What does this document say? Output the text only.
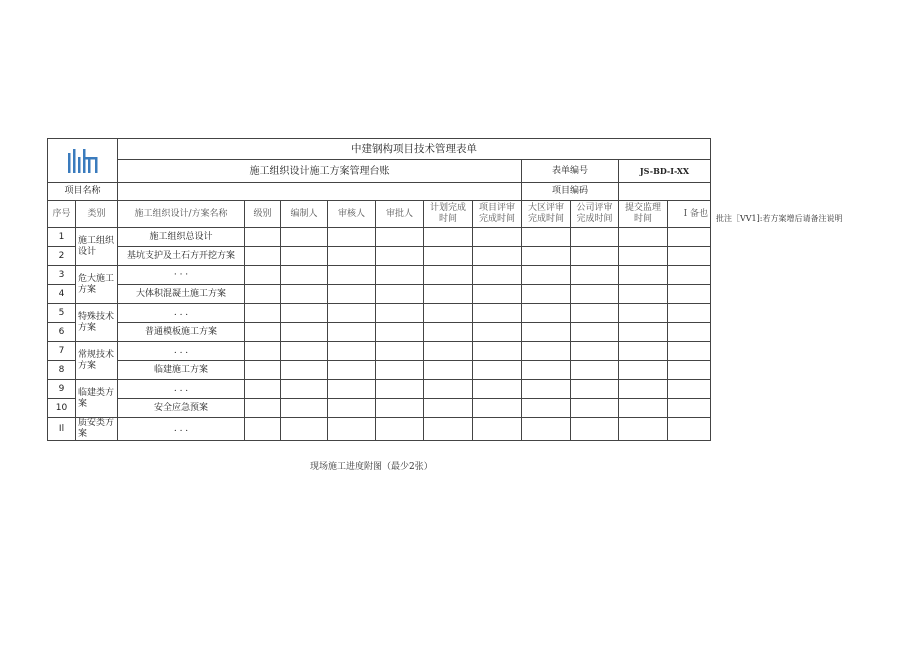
	中建钢构项目技术管理表单										
		施工组织设计施工方案管理台账							表单编号		JS-BD-I-XX	
项目名称									项目编码			
序号	类别	施工组织设计/方案名称	级别	编制人	审核人	审批人	计划完成时间	项目评审完成时间	大区评审完成时间	公司评审完成时间	提交监理时间	I 备也
1	施工组织设计	施工组织总设计										
2		基坑支护及土石方开挖方案										
3	危大施工方案	· · ·										
4		大体积混凝土施工方案										
5	特殊技术方案	. . .										
6		普通模板施工方案										
7	常规技术方案	. . .										
8		临建施工方案										
9	临建类方案	. . .										
10		安全应急预案										
Il	质安类方案	. . .										
批注［VV1]:若方案增后请备注说明
现场施工进度附图（最少2张）
